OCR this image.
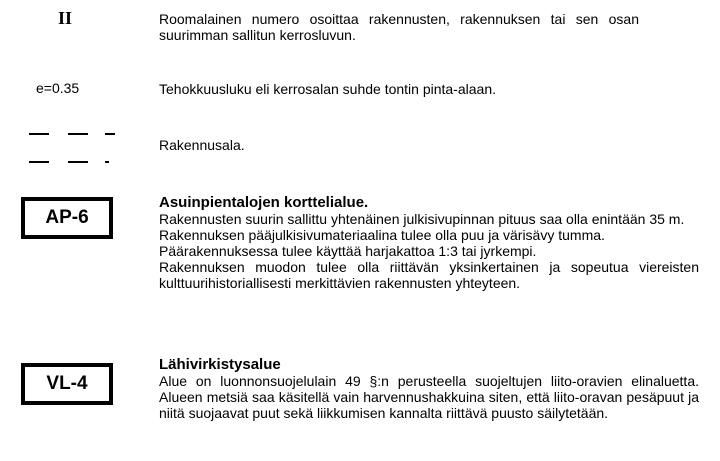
II	Roomalainen numero osoittaa rakennusten, rakennuksen tai sen osan suurimman sallitun kerrosluvun.
e=0.35	Tehokkuusluku eli kerrosalan suhde tontin pinta-alaan.
Rakennusala.
AP-6

Asuinpientalojen korttelialue.

Rakennusten suurin sallittu yhtenäinen julkisivupinnan pituus saa olla enintään 35 m.

Rakennuksen pääjulkisivumateriaalina tulee olla puu ja värisävy tumma.

Päärakennuksessa tulee käyttää harjakattoa 1:3 tai jyrkempi.

Rakennuksen muodon tulee olla riittävän yksinkertainen ja sopeutua viereisten kulttuurihistoriallisesti merkittävien rakennusten yhteyteen.

VL-4

Lähivirkistysalue

Alue on luonnonsuojelulain 49 §:n perusteella suojeltujen liito-oravien elinaluetta. Alueen metsiä saa käsitellä vain harvennushakkuina siten, että liito-oravan pesäpuut ja niitä suojaavat puut sekä liikkumisen kannalta riittävä puusto säilytetään.
